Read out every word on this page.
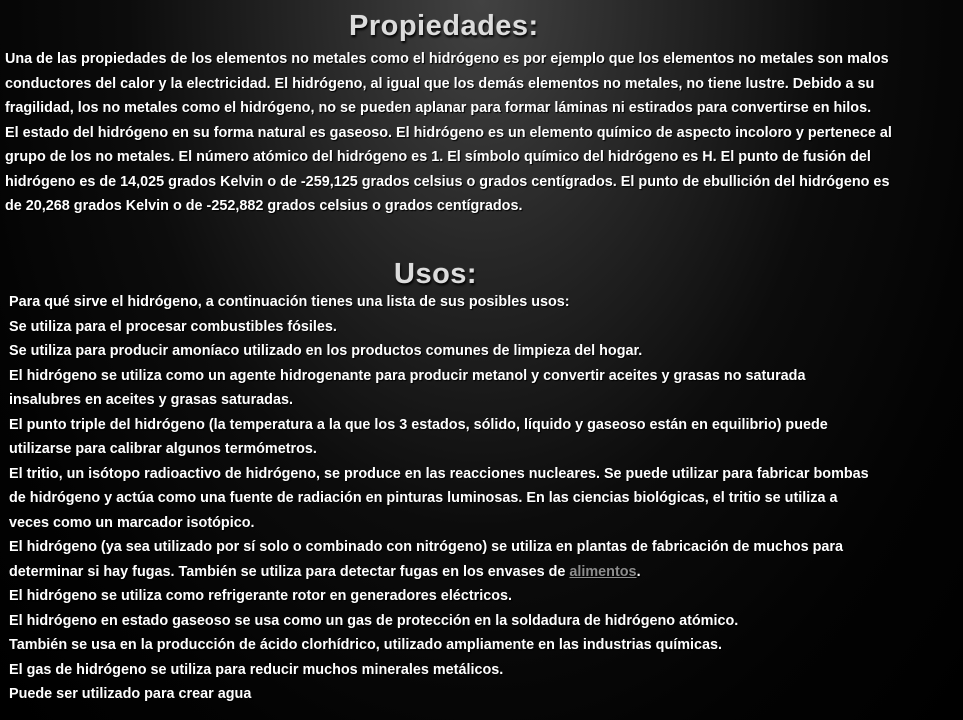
Propiedades:

Una de las propiedades de los elementos no metales como el hidrógeno es por ejemplo que los elementos no metales son malos conductores del calor y la electricidad. El hidrógeno, al igual que los demás elementos no metales, no tiene lustre. Debido a su fragilidad, los no metales como el hidrógeno, no se pueden aplanar para formar láminas ni estirados para convertirse en hilos.

El estado del hidrógeno en su forma natural es gaseoso. El hidrógeno es un elemento químico de aspecto incoloro y pertenece al grupo de los no metales. El número atómico del hidrógeno es 1. El símbolo químico del hidrógeno es H. El punto de fusión del hidrógeno es de 14,025 grados Kelvin o de -259,125 grados celsius o grados centígrados. El punto de ebullición del hidrógeno es de 20,268 grados Kelvin o de -252,882 grados celsius o grados centígrados.

Usos:

Para qué sirve el hidrógeno, a continuación tienes una lista de sus posibles usos:

Se utiliza para el procesar combustibles fósiles.

Se utiliza para producir amoníaco utilizado en los productos comunes de limpieza del hogar.

El hidrógeno se utiliza como un agente hidrogenante para producir metanol y convertir aceites y grasas no saturada insalubres en aceites y grasas saturadas.

El punto triple del hidrógeno (la temperatura a la que los 3 estados, sólido, líquido y gaseoso están en equilibrio) puede utilizarse para calibrar algunos termómetros.

El tritio, un isótopo radioactivo de hidrógeno, se produce en las reacciones nucleares. Se puede utilizar para fabricar bombas de hidrógeno y actúa como una fuente de radiación en pinturas luminosas. En las ciencias biológicas, el tritio se utiliza a veces como un marcador isotópico.

El hidrógeno (ya sea utilizado por sí solo o combinado con nitrógeno) se utiliza en plantas de fabricación de muchos para determinar si hay fugas. También se utiliza para detectar fugas en los envases de alimentos.

El hidrógeno se utiliza como refrigerante rotor en generadores eléctricos.

El hidrógeno en estado gaseoso se usa como un gas de protección en la soldadura de hidrógeno atómico.

También se usa en la producción de ácido clorhídrico, utilizado ampliamente en las industrias químicas.

El gas de hidrógeno se utiliza para reducir muchos minerales metálicos.

Puede ser utilizado para crear agua
